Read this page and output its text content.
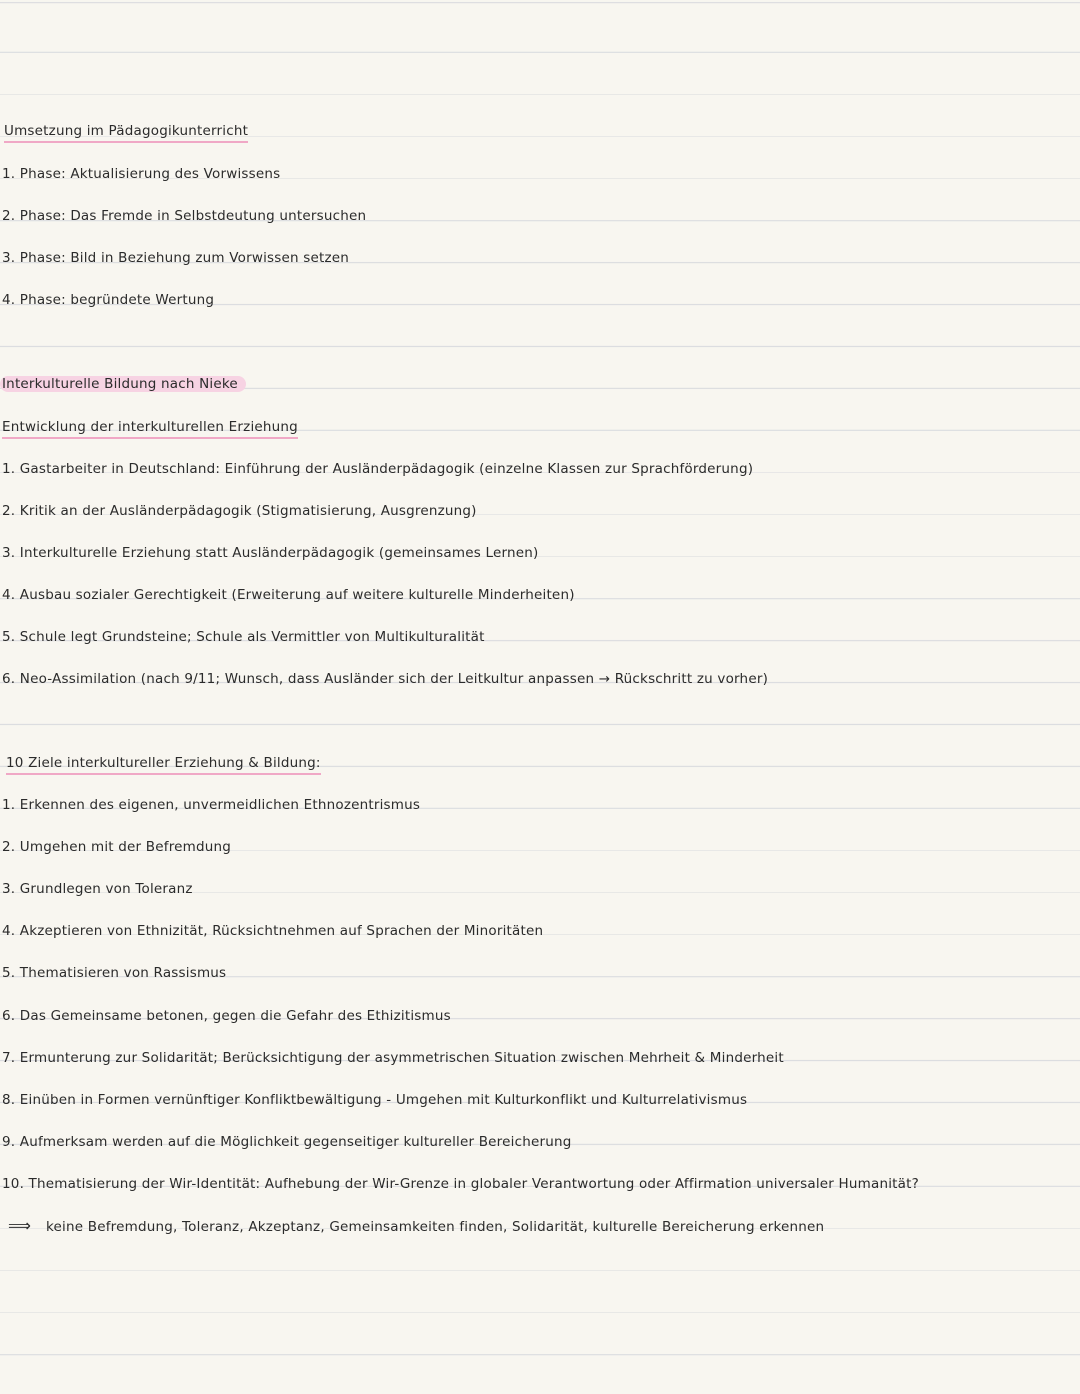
Umsetzung im Pädagogikunterricht
1. Phase: Aktualisierung des Vorwissens
2. Phase: Das Fremde in Selbstdeutung untersuchen
3. Phase: Bild in Beziehung zum Vorwissen setzen
4. Phase: begründete Wertung
Interkulturelle Bildung nach Nieke
Entwicklung der interkulturellen Erziehung
1. Gastarbeiter in Deutschland: Einführung der Ausländerpädagogik (einzelne Klassen zur Sprachförderung)
2. Kritik an der Ausländerpädagogik (Stigmatisierung, Ausgrenzung)
3. Interkulturelle Erziehung statt Ausländerpädagogik (gemeinsames Lernen)
4. Ausbau sozialer Gerechtigkeit (Erweiterung auf weitere kulturelle Minderheiten)
5. Schule legt Grundsteine; Schule als Vermittler von Multikulturalität
6. Neo-Assimilation (nach 9/11; Wunsch, dass Ausländer sich der Leitkultur anpassen → Rückschritt zu vorher)
10 Ziele interkultureller Erziehung & Bildung:
1. Erkennen des eigenen, unvermeidlichen Ethnozentrismus
2. Umgehen mit der Befremdung
3. Grundlegen von Toleranz
4. Akzeptieren von Ethnizität, Rücksichtnehmen auf Sprachen der Minoritäten
5. Thematisieren von Rassismus
6. Das Gemeinsame betonen, gegen die Gefahr des Ethizitismus
7. Ermunterung zur Solidarität; Berücksichtigung der asymmetrischen Situation zwischen Mehrheit & Minderheit
8. Einüben in Formen vernünftiger Konfliktbewältigung - Umgehen mit Kulturkonflikt und Kulturrelativismus
9. Aufmerksam werden auf die Möglichkeit gegenseitiger kultureller Bereicherung
10. Thematisierung der Wir-Identität: Aufhebung der Wir-Grenze in globaler Verantwortung oder Affirmation universaler Humanität?
⟹ keine Befremdung, Toleranz, Akzeptanz, Gemeinsamkeiten finden, Solidarität, kulturelle Bereicherung erkennen
